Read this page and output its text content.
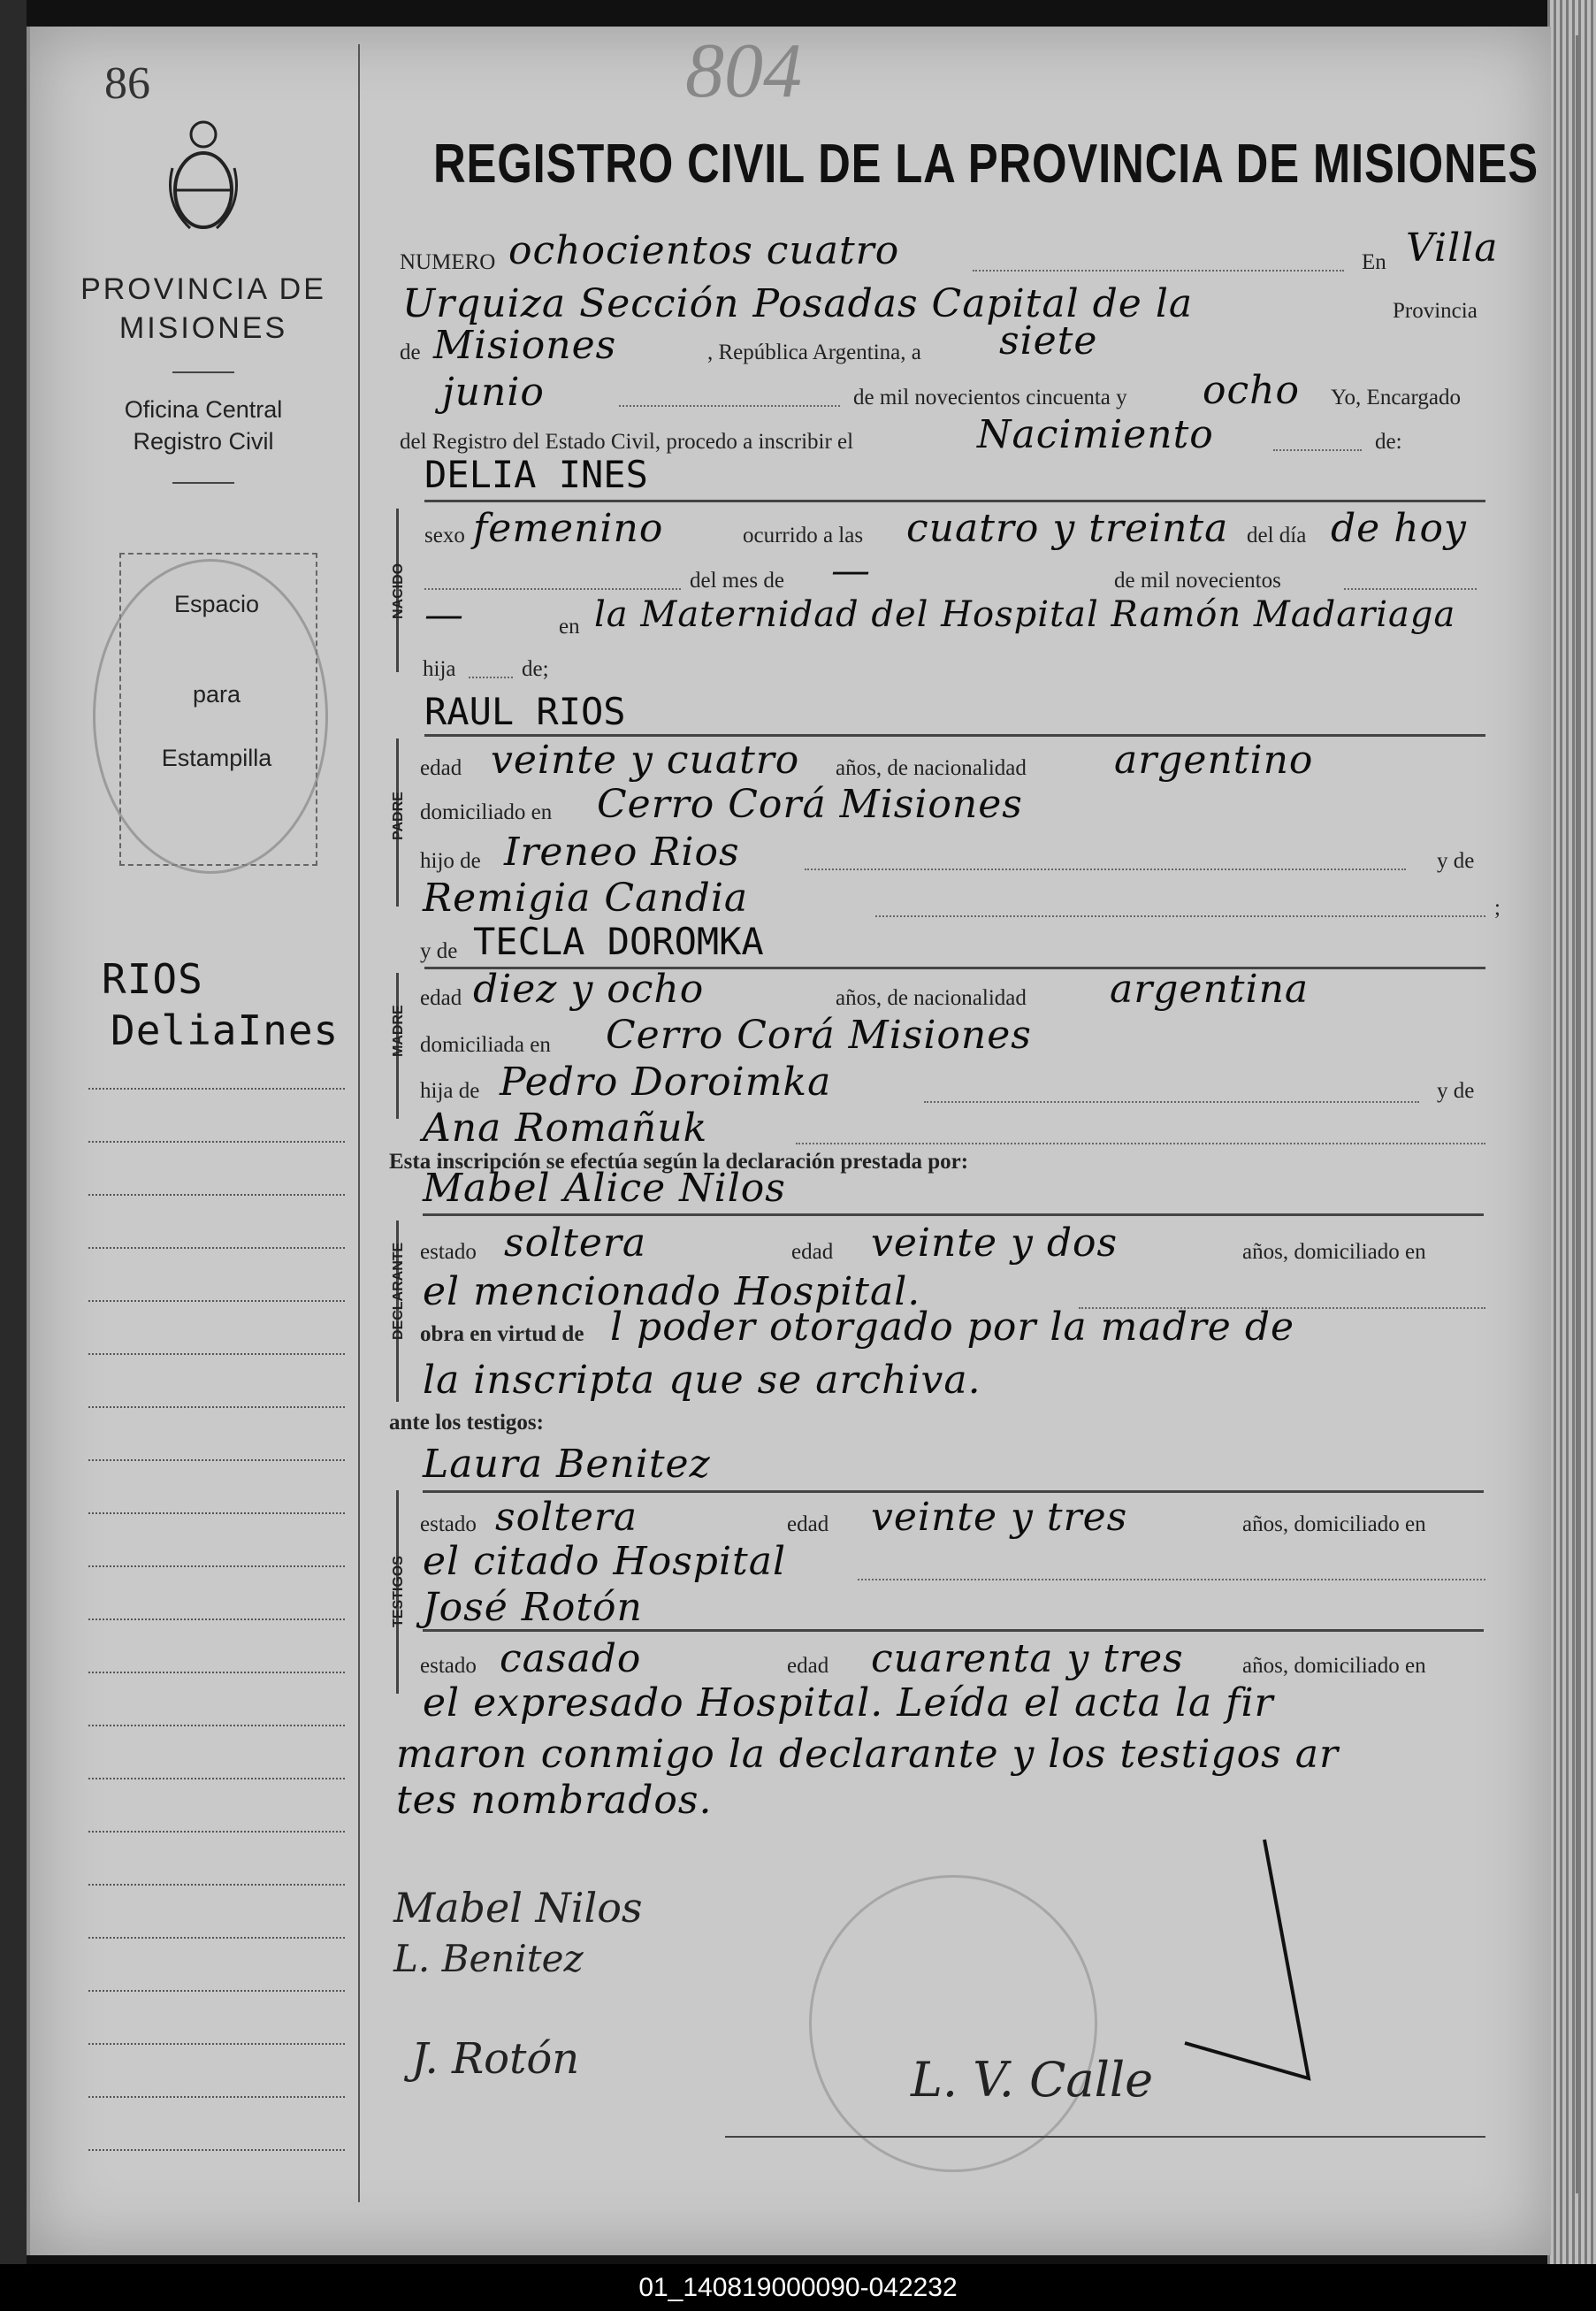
86
PROVINCIA DE MISIONES
Oficina Central
Registro Civil
Espacio
para
Estampilla
RIOS
DeliaInes
804
REGISTRO CIVIL DE LA PROVINCIA DE MISIONES
NUMERO ochocientos cuatro	En Villa
Urquiza Sección Posadas Capital de la	Provincia
de Misiones	, República Argentina, a siete
junio	de mil novecientos cincuenta y ocho Yo, Encargado
del Registro del Estado Civil, procedo a inscribir el	Nacimiento	de:
NACIDO
DELIA INES
sexo femenino	ocurrido a las cuatro y treinta del día de hoy
del mes de —	de mil novecientos
—	en la Maternidad del Hospital Ramón Madariaga
hija	de;
PADRE
RAUL RIOS
edad veinte y cuatro años, de nacionalidad argentino
domiciliado en Cerro Corá Misiones
hijo de Ireneo Rios	y de
Remigia Candia	;
MADRE
y de TECLA DOROMKA
edad diez y ocho	años, de nacionalidad argentina
domiciliada en Cerro Corá Misiones
hija de Pedro Doroimka	y de
Ana Romañuk
Esta inscripción se efectúa según la declaración prestada por:
DECLARANTE
Mabel Alice Nilos
estado soltera	edad veinte y dos	años, domiciliado en
el mencionado Hospital.
obra en virtud de l poder otorgado por la madre de
la inscripta que se archiva.
ante los testigos:
TESTIGOS
Laura Benitez
estado soltera	edad veinte y tres	años, domiciliado en
el citado Hospital
José Rotón
estado casado	edad cuarenta y tres	años, domiciliado en
el expresado Hospital. Leída el acta la fir
maron conmigo la declarante y los testigos ar
tes nombrados.
Mabel Nilos
L. Benitez
J. Rotón	L. V. Calle
01_140819000090-042232
